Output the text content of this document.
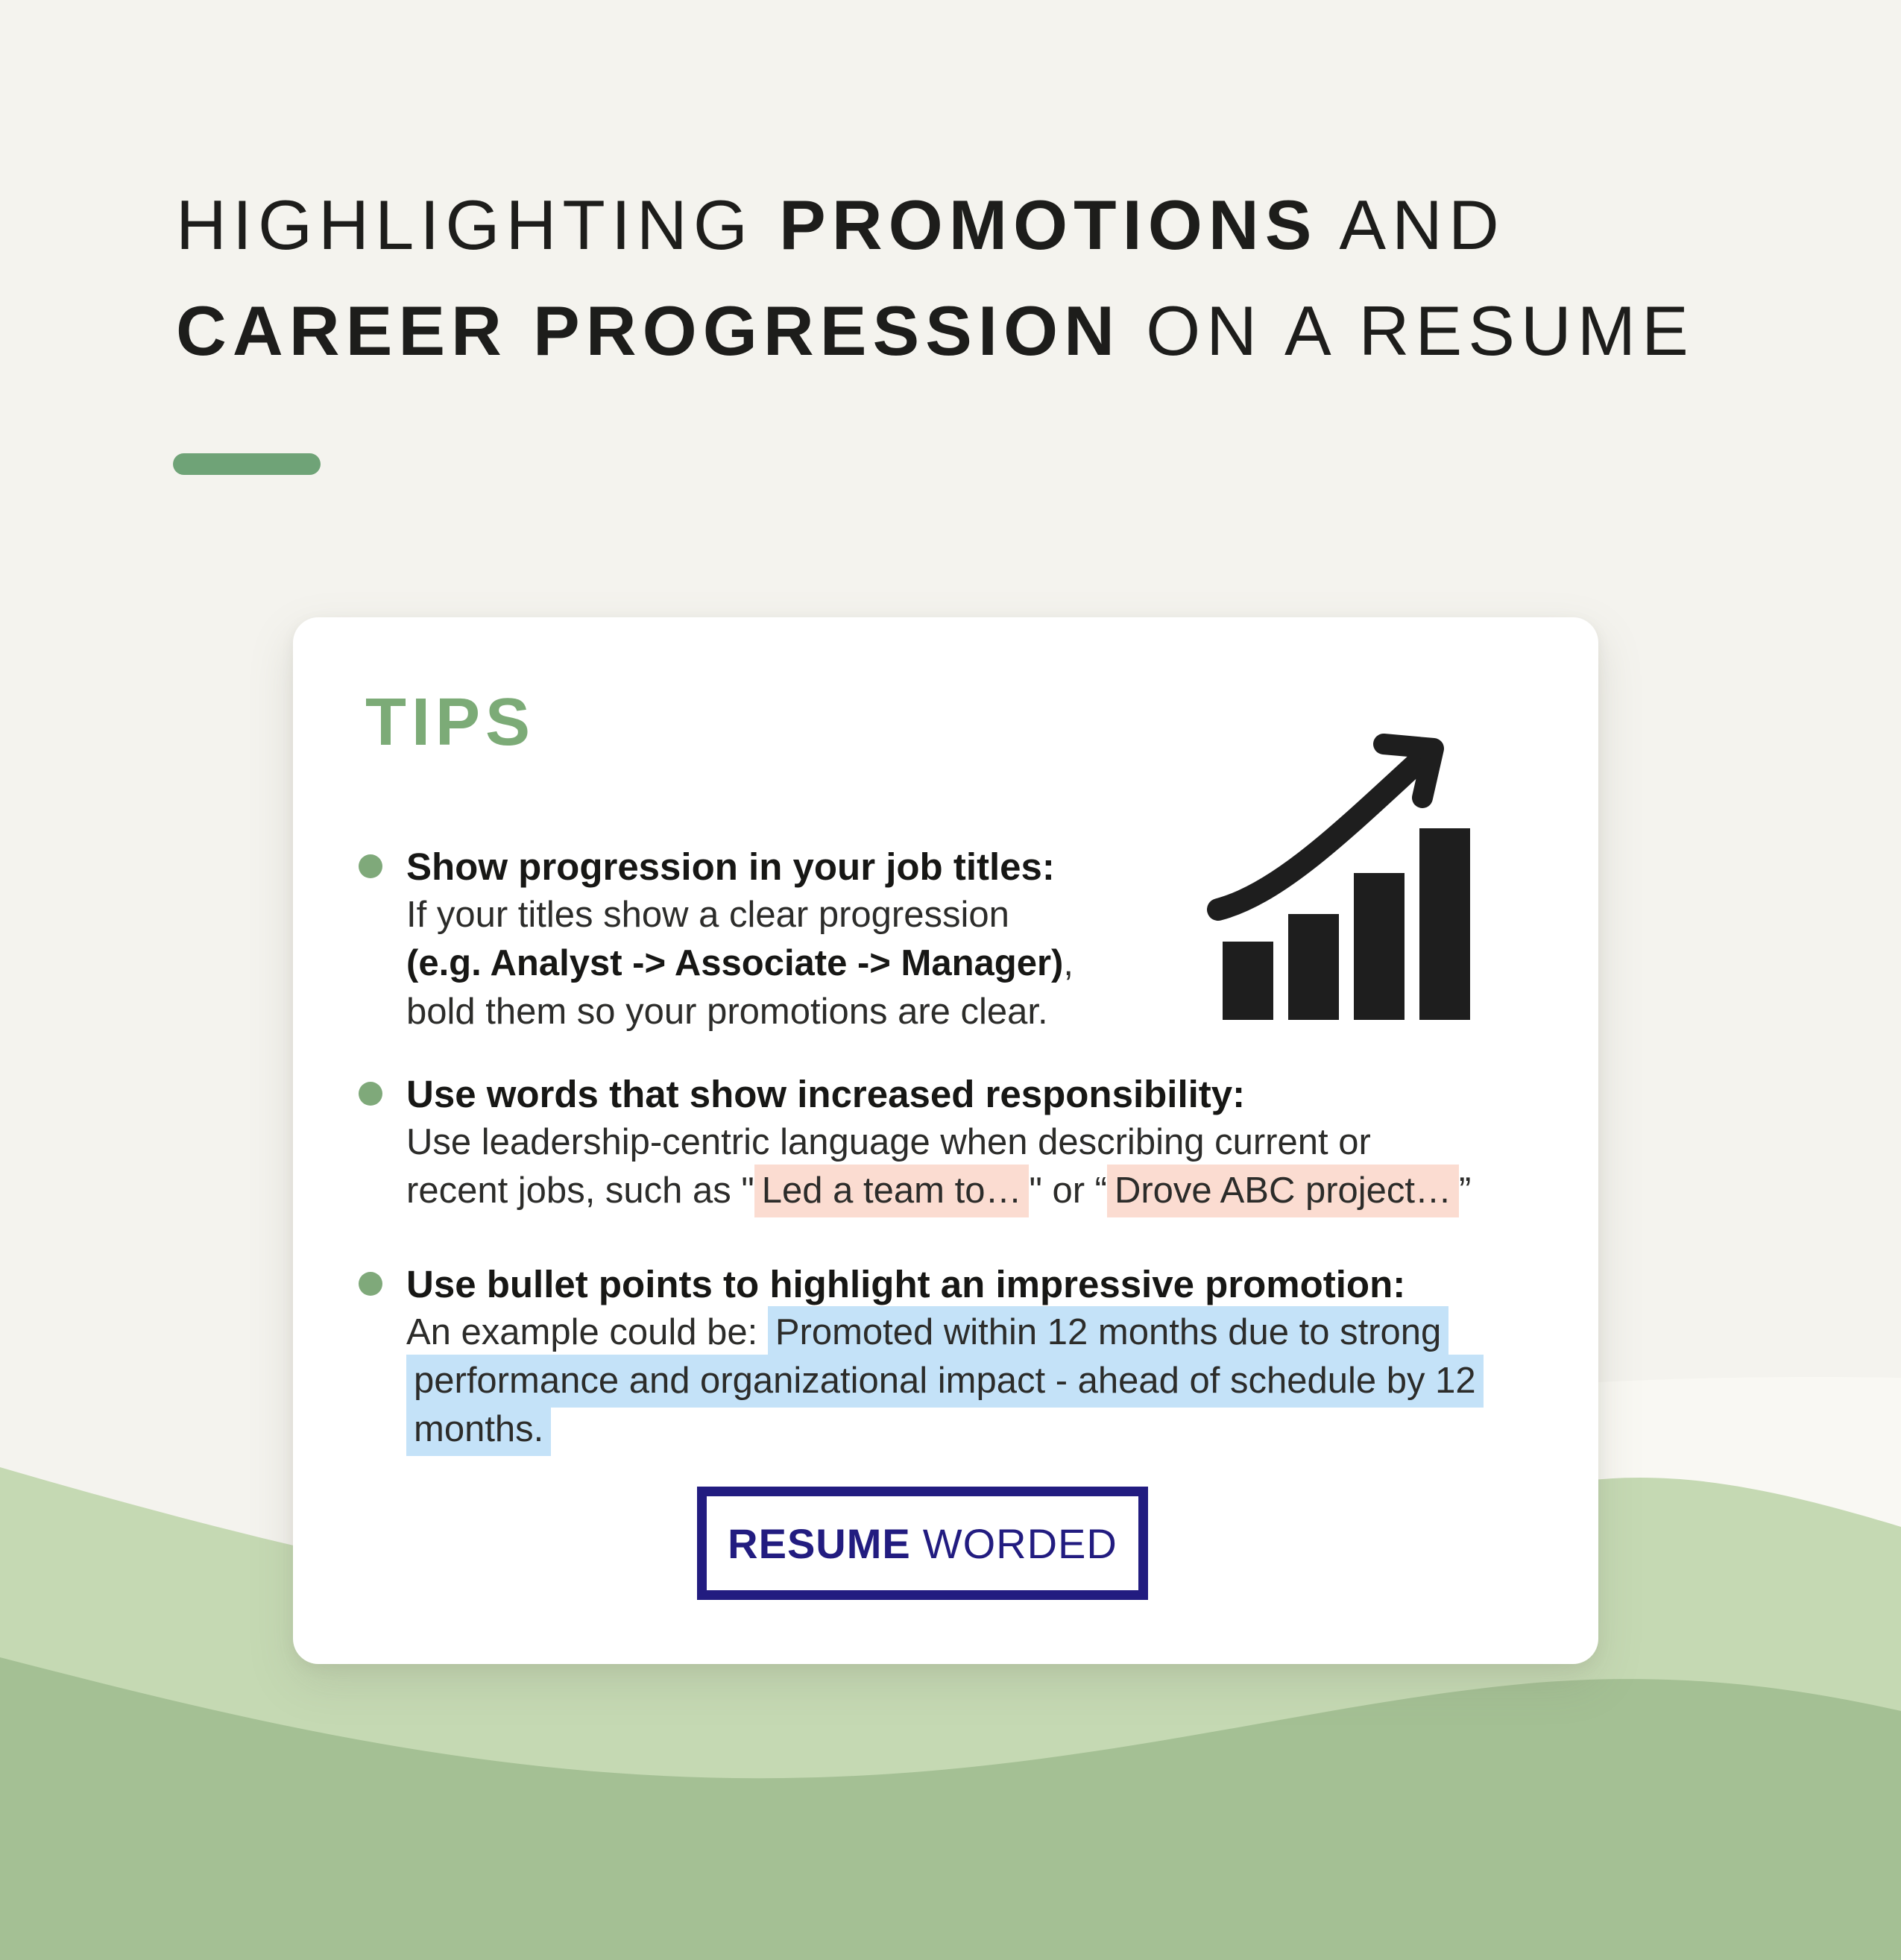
HIGHLIGHTING PROMOTIONS AND
CAREER PROGRESSION ON A RESUME
TIPS
Show progression in your job titles:
If your titles show a clear progression
(e.g. Analyst -> Associate -> Manager),
bold them so your promotions are clear.
Use words that show increased responsibility:
Use leadership-centric language when describing current or
recent jobs, such as " Led a team to… " or “ Drove ABC project… ”
Use bullet points to highlight an impressive promotion:
An example could be: Promoted within 12 months due to strong
performance and organizational impact - ahead of schedule by 12
months.
RESUME WORDED
